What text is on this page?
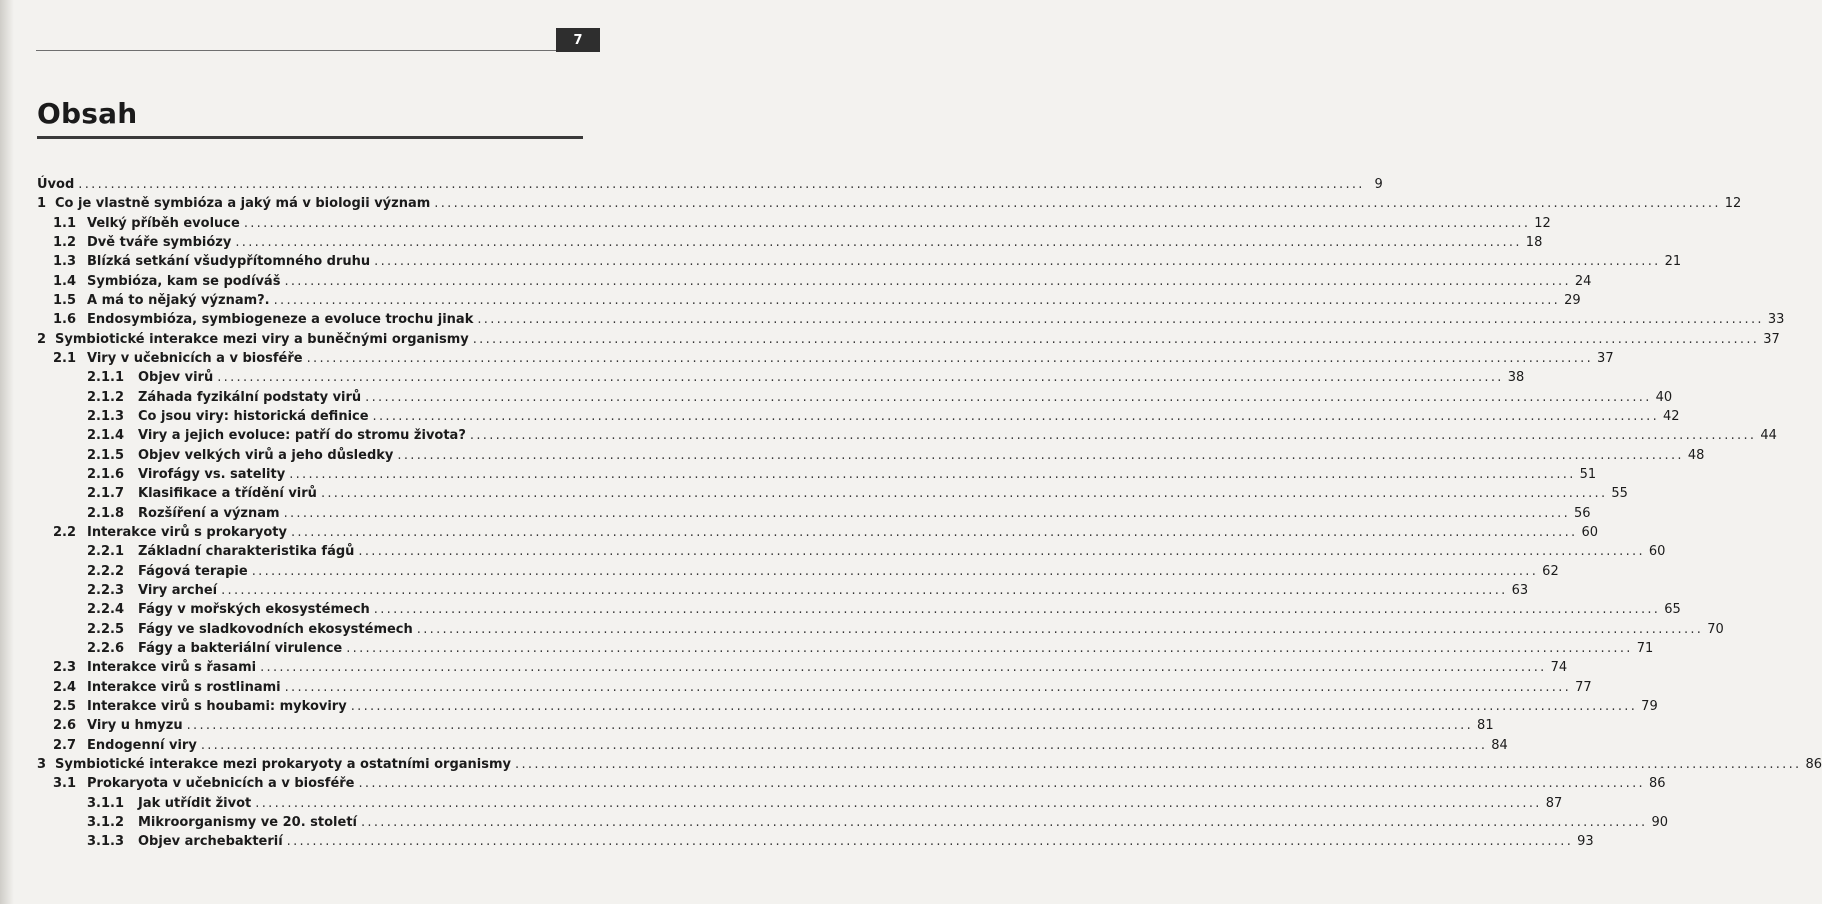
7
Obsah
Úvod ........................................................................................................................................................................................................ 9
1 Co je vlastně symbióza a jaký má v biologii význam ........................................................................................................................................................................................................ 12
1.1 Velký příběh evoluce ........................................................................................................................................................................................................ 12
1.2 Dvě tváře symbiózy ........................................................................................................................................................................................................ 18
1.3 Blízká setkání všudypřítomného druhu ........................................................................................................................................................................................................ 21
1.4 Symbióza, kam se podíváš ........................................................................................................................................................................................................ 24
1.5 A má to nějaký význam?. ........................................................................................................................................................................................................ 29
1.6 Endosymbióza, symbiogeneze a evoluce trochu jinak ........................................................................................................................................................................................................ 33
2 Symbiotické interakce mezi viry a buněčnými organismy ........................................................................................................................................................................................................ 37
2.1 Viry v učebnicích a v biosféře ........................................................................................................................................................................................................ 37
2.1.1 Objev virů ........................................................................................................................................................................................................ 38
2.1.2 Záhada fyzikální podstaty virů ........................................................................................................................................................................................................ 40
2.1.3 Co jsou viry: historická definice ........................................................................................................................................................................................................ 42
2.1.4 Viry a jejich evoluce: patří do stromu života? ........................................................................................................................................................................................................ 44
2.1.5 Objev velkých virů a jeho důsledky ........................................................................................................................................................................................................ 48
2.1.6 Virofágy vs. satelity ........................................................................................................................................................................................................ 51
2.1.7 Klasifikace a třídění virů ........................................................................................................................................................................................................ 55
2.1.8 Rozšíření a význam ........................................................................................................................................................................................................ 56
2.2 Interakce virů s prokaryoty ........................................................................................................................................................................................................ 60
2.2.1 Základní charakteristika fágů ........................................................................................................................................................................................................ 60
2.2.2 Fágová terapie ........................................................................................................................................................................................................ 62
2.2.3 Viry archeí ........................................................................................................................................................................................................ 63
2.2.4 Fágy v mořských ekosystémech ........................................................................................................................................................................................................ 65
2.2.5 Fágy ve sladkovodních ekosystémech ........................................................................................................................................................................................................ 70
2.2.6 Fágy a bakteriální virulence ........................................................................................................................................................................................................ 71
2.3 Interakce virů s řasami ........................................................................................................................................................................................................ 74
2.4 Interakce virů s rostlinami ........................................................................................................................................................................................................ 77
2.5 Interakce virů s houbami: mykoviry ........................................................................................................................................................................................................ 79
2.6 Viry u hmyzu ........................................................................................................................................................................................................ 81
2.7 Endogenní viry ........................................................................................................................................................................................................ 84
3 Symbiotické interakce mezi prokaryoty a ostatními organismy ........................................................................................................................................................................................................ 86
3.1 Prokaryota v učebnicích a v biosféře ........................................................................................................................................................................................................ 86
3.1.1 Jak utřídit život ........................................................................................................................................................................................................ 87
3.1.2 Mikroorganismy ve 20. století ........................................................................................................................................................................................................ 90
3.1.3 Objev archebakterií ........................................................................................................................................................................................................ 93
